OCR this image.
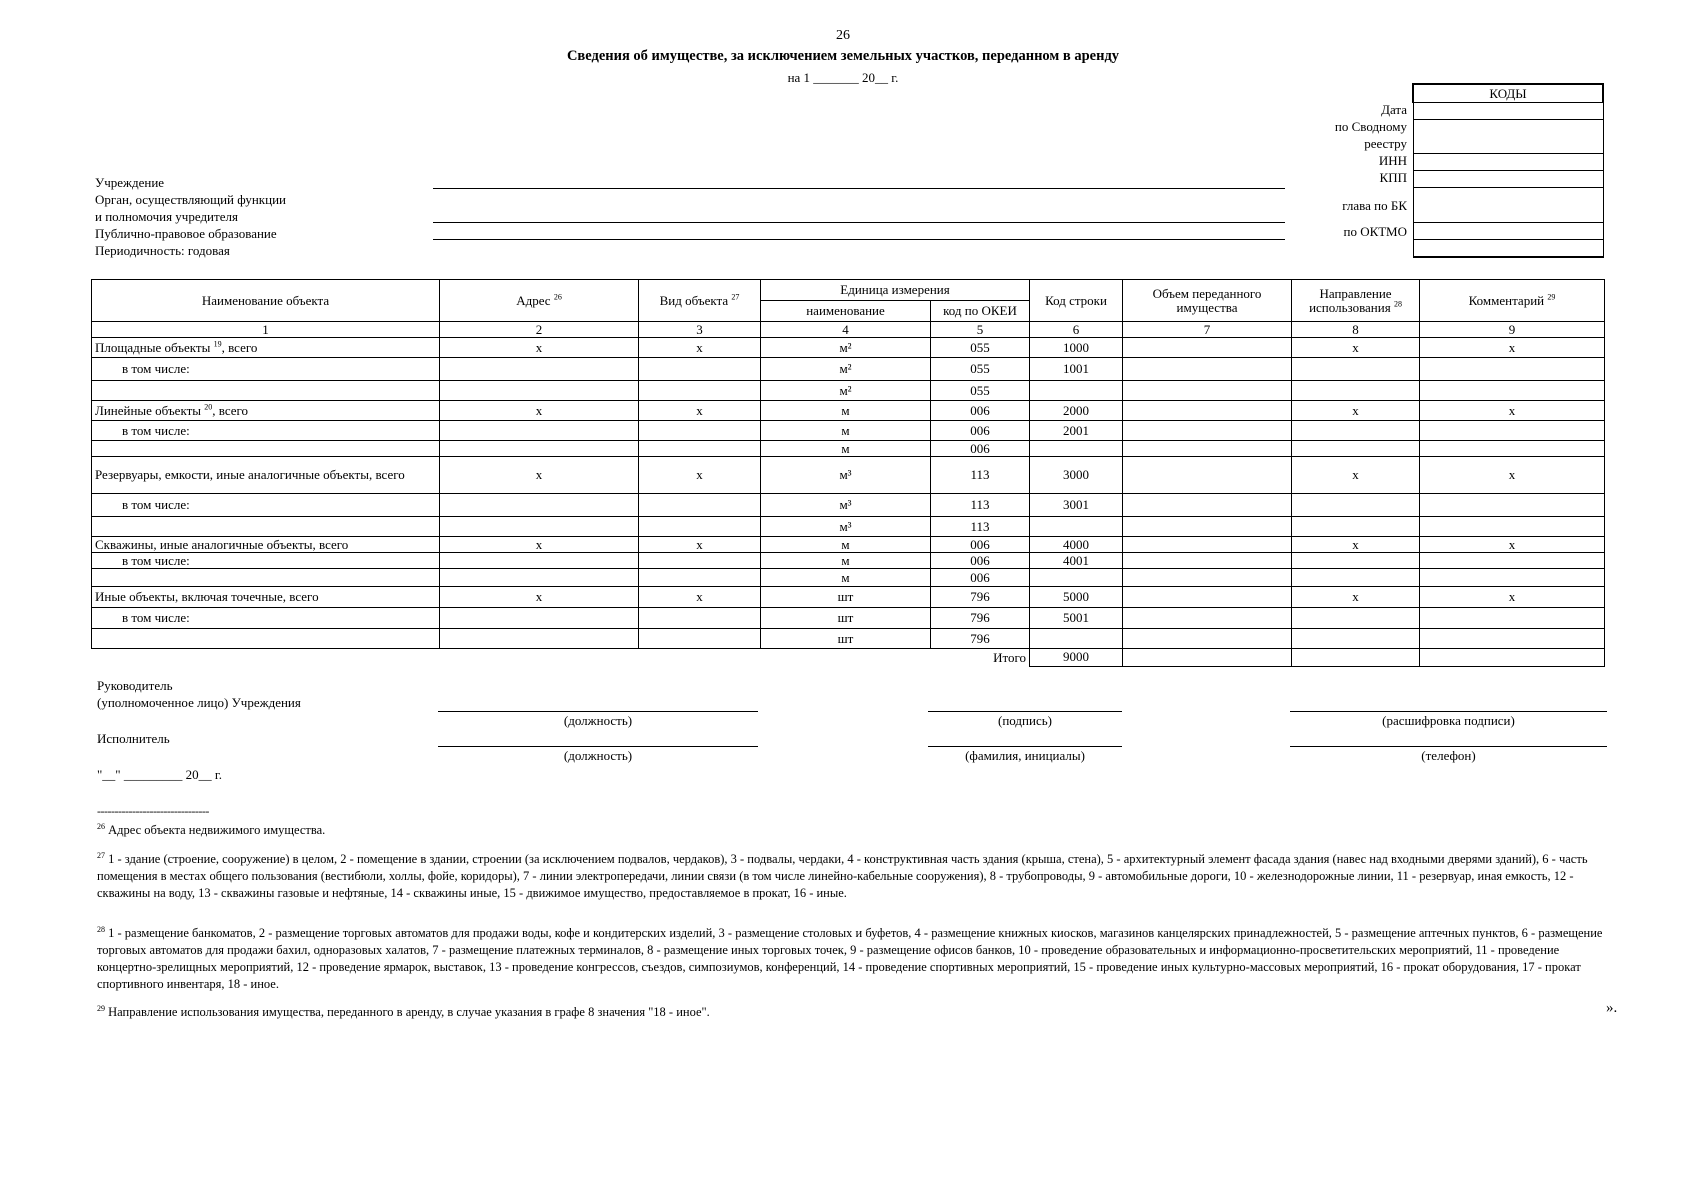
26
Сведения об имуществе, за исключением земельных участков, переданном в аренду
на 1 _______ 20__ г.
КОДЫ

Дата
по Сводному
реестру
ИНН
КПП
глава по БК
по ОКТМО
Учреждение
Орган, осуществляющий функции
и полномочия учредителя
Публично-правовое образование
Периодичность: годовая
Наименование объекта	Адрес $^{26}$	Вид объекта $^{27}$	Единица измерения		Код строки	Объем переданного имущества	Направление использования $^{28}$	Комментарий $^{29}$
			наименование	код по ОКЕИ				
1	2	3	4	5	6	7	8	9
Площадные объекты $^{19}$, всего	х	х	м²	055	1000		х	х
в том числе:			м²	055	1001			
			м²	055				
Линейные объекты $^{20}$, всего	х	х	м	006	2000		х	х
в том числе:			м	006	2001			
			м	006				
Резервуары, емкости, иные аналогичные объекты, всего	х	х	м³	113	3000		х	х
в том числе:			м³	113	3001			
			м³	113				
Скважины, иные аналогичные объекты, всего	х	х	м	006	4000		х	х
в том числе:			м	006	4001			
			м	006				
Иные объекты, включая точечные, всего	х	х	шт	796	5000		х	х
в том числе:			шт	796	5001			
			шт	796				
				Итого	9000			
Руководитель
(уполномоченное лицо) Учреждения
(должность)	(подпись)	(расшифровка подписи)
Исполнитель
(должность)	(фамилия, инициалы)	(телефон)
"__" _________ 20__ г.
--------------------------------
$^{26}$ Адрес объекта недвижимого имущества.
$^{27}$ 1 - здание (строение, сооружение) в целом, 2 - помещение в здании, строении (за исключением подвалов, чердаков), 3 - подвалы, чердаки, 4 - конструктивная часть здания (крыша, стена), 5 - архитектурный элемент фасада здания (навес над входными дверями зданий), 6 - часть помещения в местах общего пользования (вестибюли, холлы, фойе, коридоры), 7 - линии электропередачи, линии связи (в том числе линейно-кабельные сооружения), 8 - трубопроводы, 9 - автомобильные дороги, 10 - железнодорожные линии, 11 - резервуар, иная емкость, 12 - скважины на воду, 13 - скважины газовые и нефтяные, 14 - скважины иные, 15 - движимое имущество, предоставляемое в прокат, 16 - иные.
$^{28}$ 1 - размещение банкоматов, 2 - размещение торговых автоматов для продажи воды, кофе и кондитерских изделий, 3 - размещение столовых и буфетов, 4 - размещение книжных киосков, магазинов канцелярских принадлежностей, 5 - размещение аптечных пунктов, 6 - размещение торговых автоматов для продажи бахил, одноразовых халатов, 7 - размещение платежных терминалов, 8 - размещение иных торговых точек, 9 - размещение офисов банков, 10 - проведение образовательных и информационно-просветительских мероприятий, 11 - проведение концертно-зрелищных мероприятий, 12 - проведение ярмарок, выставок, 13 - проведение конгрессов, съездов, симпозиумов, конференций, 14 - проведение спортивных мероприятий, 15 - проведение иных культурно-массовых мероприятий, 16 - прокат оборудования, 17 - прокат спортивного инвентаря, 18 - иное.
$^{29}$ Направление использования имущества, переданного в аренду, в случае указания в графе 8 значения "18 - иное".	».
